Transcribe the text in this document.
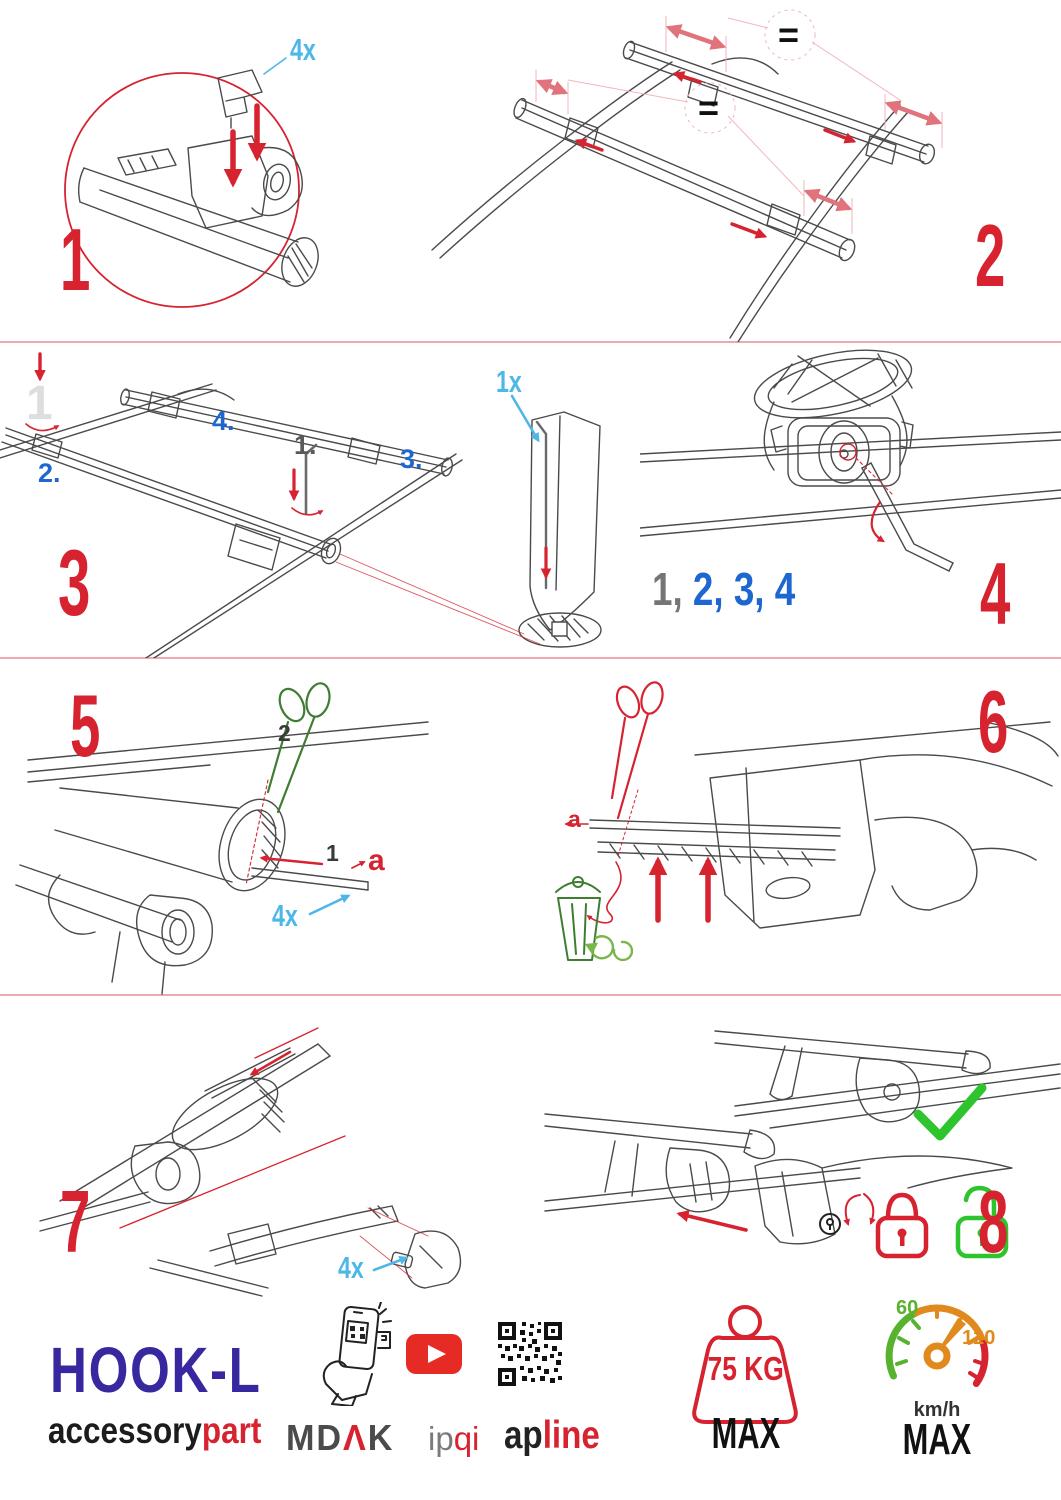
4x
1
=
=
2
1
2.
4.
1.	3.
1x
3	1, 2, 3, 4	4
2
1 a
4x
5
a
6
4x
7	8
HOOK-L
accessorypart MDΛK ipqi apline
75 KG
MAX
60
120
km/h
MAX
